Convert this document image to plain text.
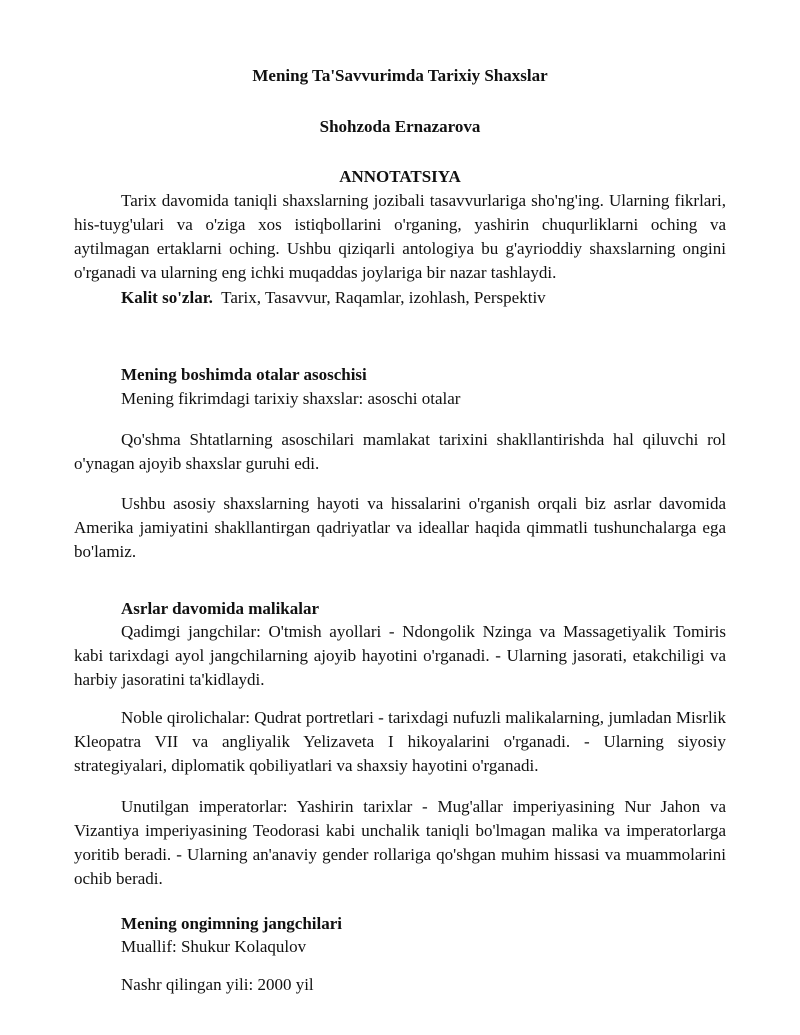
Mening Ta'Savvurimda Tarixiy Shaxslar

Shohzoda Ernazarova

ANNOTATSIYA

Tarix davomida taniqli shaxslarning jozibali tasavvurlariga sho'ng'ing. Ularning fikrlari, his-tuyg'ulari va o'ziga xos istiqbollarini o'rganing, yashirin chuqurliklarni oching va aytilmagan ertaklarni oching. Ushbu qiziqarli antologiya bu g'ayrioddiy shaxslarning ongini o'rganadi va ularning eng ichki muqaddas joylariga bir nazar tashlaydi.

Kalit so'zlar. Tarix, Tasavvur, Raqamlar, izohlash, Perspektiv

Mening boshimda otalar asoschisi

Mening fikrimdagi tarixiy shaxslar: asoschi otalar

Qo'shma Shtatlarning asoschilari mamlakat tarixini shakllantirishda hal qiluvchi rol o'ynagan ajoyib shaxslar guruhi edi.

Ushbu asosiy shaxslarning hayoti va hissalarini o'rganish orqali biz asrlar davomida Amerika jamiyatini shakllantirgan qadriyatlar va ideallar haqida qimmatli tushunchalarga ega bo'lamiz.

Asrlar davomida malikalar

Qadimgi jangchilar: O'tmish ayollari - Ndongolik Nzinga va Massagetiyalik Tomiris kabi tarixdagi ayol jangchilarning ajoyib hayotini o'rganadi. - Ularning jasorati, etakchiligi va harbiy jasoratini ta'kidlaydi.

Noble qirolichalar: Qudrat portretlari - tarixdagi nufuzli malikalarning, jumladan Misrlik Kleopatra VII va angliyalik Yelizaveta I hikoyalarini o'rganadi. - Ularning siyosiy strategiyalari, diplomatik qobiliyatlari va shaxsiy hayotini o'rganadi.

Unutilgan imperatorlar: Yashirin tarixlar - Mug'allar imperiyasining Nur Jahon va Vizantiya imperiyasining Teodorasi kabi unchalik taniqli bo'lmagan malika va imperatorlarga yoritib beradi. - Ularning an'anaviy gender rollariga qo'shgan muhim hissasi va muammolarini ochib beradi.

Mening ongimning jangchilari

Muallif: Shukur Kolaqulov

Nashr qilingan yili: 2000 yil
